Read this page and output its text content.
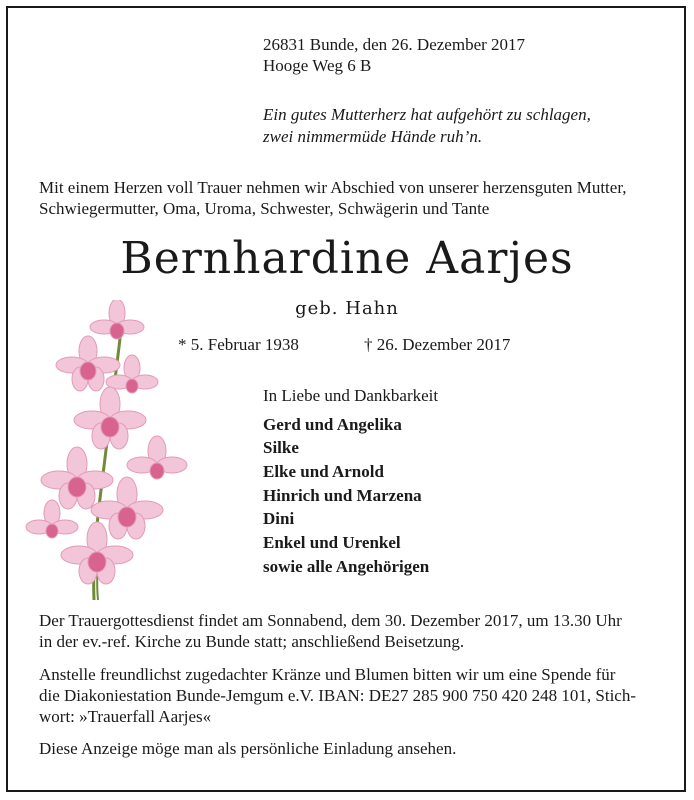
26831 Bunde, den 26. Dezember 2017
Hooge Weg 6 B
Ein gutes Mutterherz hat aufgehört zu schlagen,
zwei nimmermüde Hände ruh’n.
Mit einem Herzen voll Trauer nehmen wir Abschied von unserer herzensguten Mutter,
Schwiegermutter, Oma, Uroma, Schwester, Schwägerin und Tante
Bernhardine Aarjes
geb. Hahn
* 5. Februar 1938	† 26. Dezember 2017
In Liebe und Dankbarkeit
Gerd und Angelika
Silke
Elke und Arnold
Hinrich und Marzena
Dini
Enkel und Urenkel
sowie alle Angehörigen
Der Trauergottesdienst findet am Sonnabend, dem 30. Dezember 2017, um 13.30 Uhr
in der ev.-ref. Kirche zu Bunde statt; anschließend Beisetzung.
Anstelle freundlichst zugedachter Kränze und Blumen bitten wir um eine Spende für
die Diakoniestation Bunde-Jemgum e.V. IBAN: DE27 285 900 750 420 248 101, Stich-
wort: »Trauerfall Aarjes«
Diese Anzeige möge man als persönliche Einladung ansehen.
